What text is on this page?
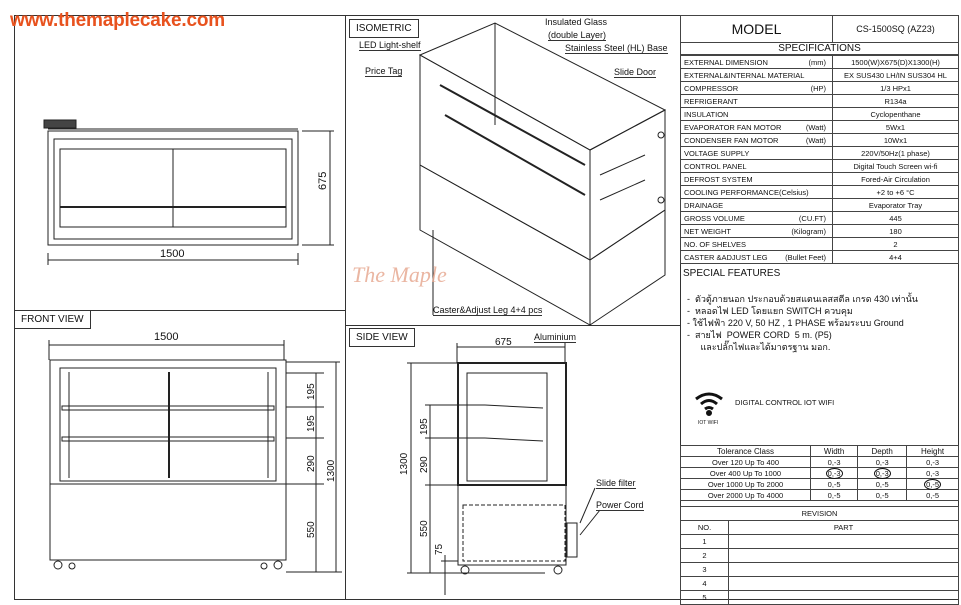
www.themaplecake.com
FRONT VIEW
ISOMETRIC
SIDE VIEW
1500
675
1500
195
195
290
550
1300
Insulated Glass
(double Layer)
LED Light-shelf	Stainless Steel (HL) Base
Price Tag	Slide Door
Caster&Adjust Leg 4+4 pcs
The Maple
675
195
290
1300
550
75
Aluminium
Slide filter
Power Cord
MODEL	CS-1500SQ (AZ23)
SPECIFICATIONS
EXTERNAL DIMENSION (mm)	1500(W)X675(D)X1300(H)

EXTERNAL&INTERNAL MATERIAL	EX SUS430 LH/IN SUS304 HL

COMPRESSOR (HP)	1/3 HPx1

REFRIGERANT	R134a

INSULATION	Cyclopenthane

EVAPORATOR FAN MOTOR (Watt)	5Wx1

CONDENSER FAN MOTOR (Watt)	10Wx1

VOLTAGE SUPPLY	220V/50Hz(1 phase)

CONTROL PANEL	Digital Touch Screen wi-fi

DEFROST SYSTEM	Fored-Air Circulation

COOLING PERFORMANCE(Celsius)	+2 to +6 °C

DRAINAGE	Evaporator Tray

GROSS VOLUME (CU.FT)	445

NET WEIGHT (Kilogram)	180

NO. OF SHELVES	2

CASTER &ADJUST LEG (Bullet Feet)	4+4
SPECIAL FEATURES
-  ตัวตู้ภายนอก ประกอบด้วยสแตนเลสสตีล เกรด 430 เท่านั้น
-  หลอดไฟ LED โดยแยก SWITCH ควบคุม
- ใช้ไฟฟ้า 220 V, 50 HZ , 1 PHASE พร้อมระบบ Ground
-  สายไฟ  POWER CORD  5 m. (P5)
และปลั๊กไฟและได้มาตรฐาน มอก.
IOT WIFI
DIGITAL CONTROL IOT WIFI
Tolerance Class	Width	Depth	Height
Over 120 Up To 400	0,-3	0,-3	0,-3
Over 400 Up To 1000	0,-3	0,-3	0,-3
Over 1000 Up To 2000	0,-5	0,-5	0,-5
Over 2000 Up To 4000	0,-5	0,-5	0,-5
REVISION	
NO.	PART
1	
2	
3	
4	
5	
